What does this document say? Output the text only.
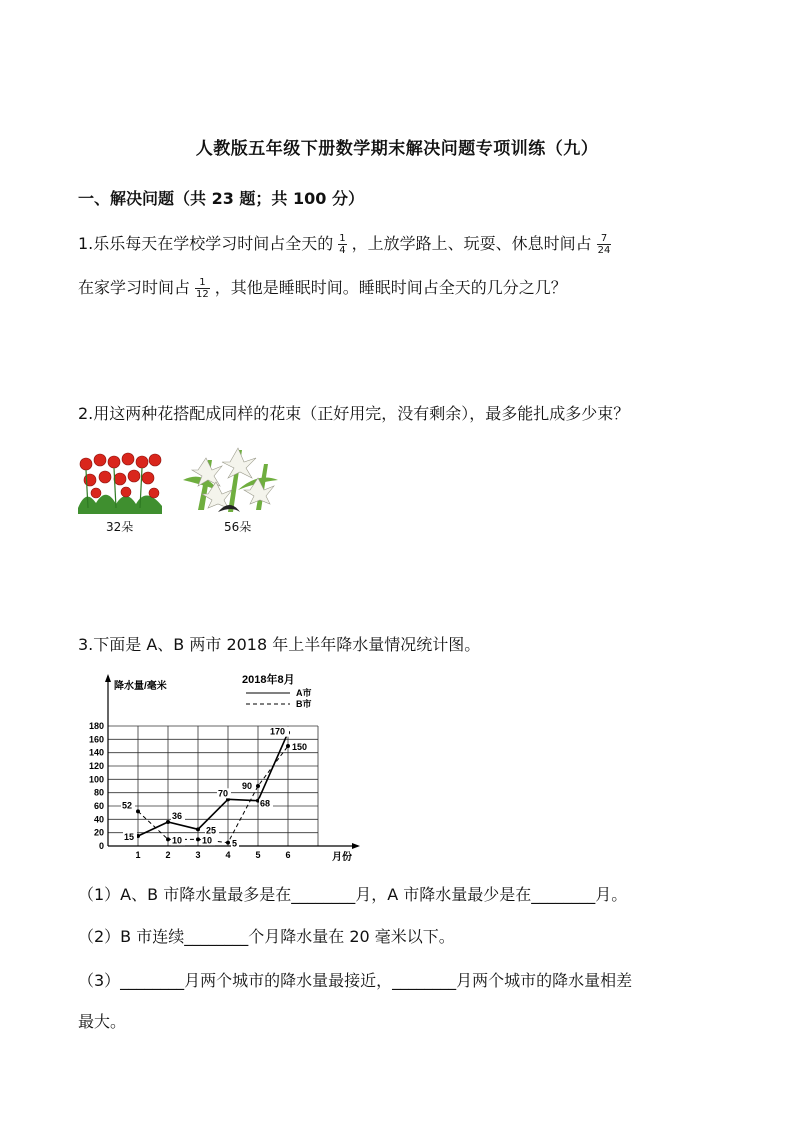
人教版五年级下册数学期末解决问题专项训练（九）
一、解决问题（共 23 题；共 100 分）
1.乐乐每天在学校学习时间占全天的 $\frac{1}{4}$ ，上放学路上、玩耍、休息时间占 $\frac{7}{24}$
在家学习时间占 $\frac{1}{12}$ ，其他是睡眠时间。睡眠时间占全天的几分之几？
2.用这两种花搭配成同样的花束（正好用完，没有剩余），最多能扎成多少束？
32朵	56朵
3.下面是 A、B 两市 2018 年上半年降水量情况统计图。
降水量/毫米
月份
2018年8月
A市
B市
0
20
40
60
80
100
120
140
160
180
1	2	3	4	5	6
15
36
25
70
68
170
52
10 10 5
90
150
（1）A、B 市降水量最多是在________月，A 市降水量最少是在________月。
（2）B 市连续________个月降水量在 20 毫米以下。
（3）________月两个城市的降水量最接近，________月两个城市的降水量相差
最大。
